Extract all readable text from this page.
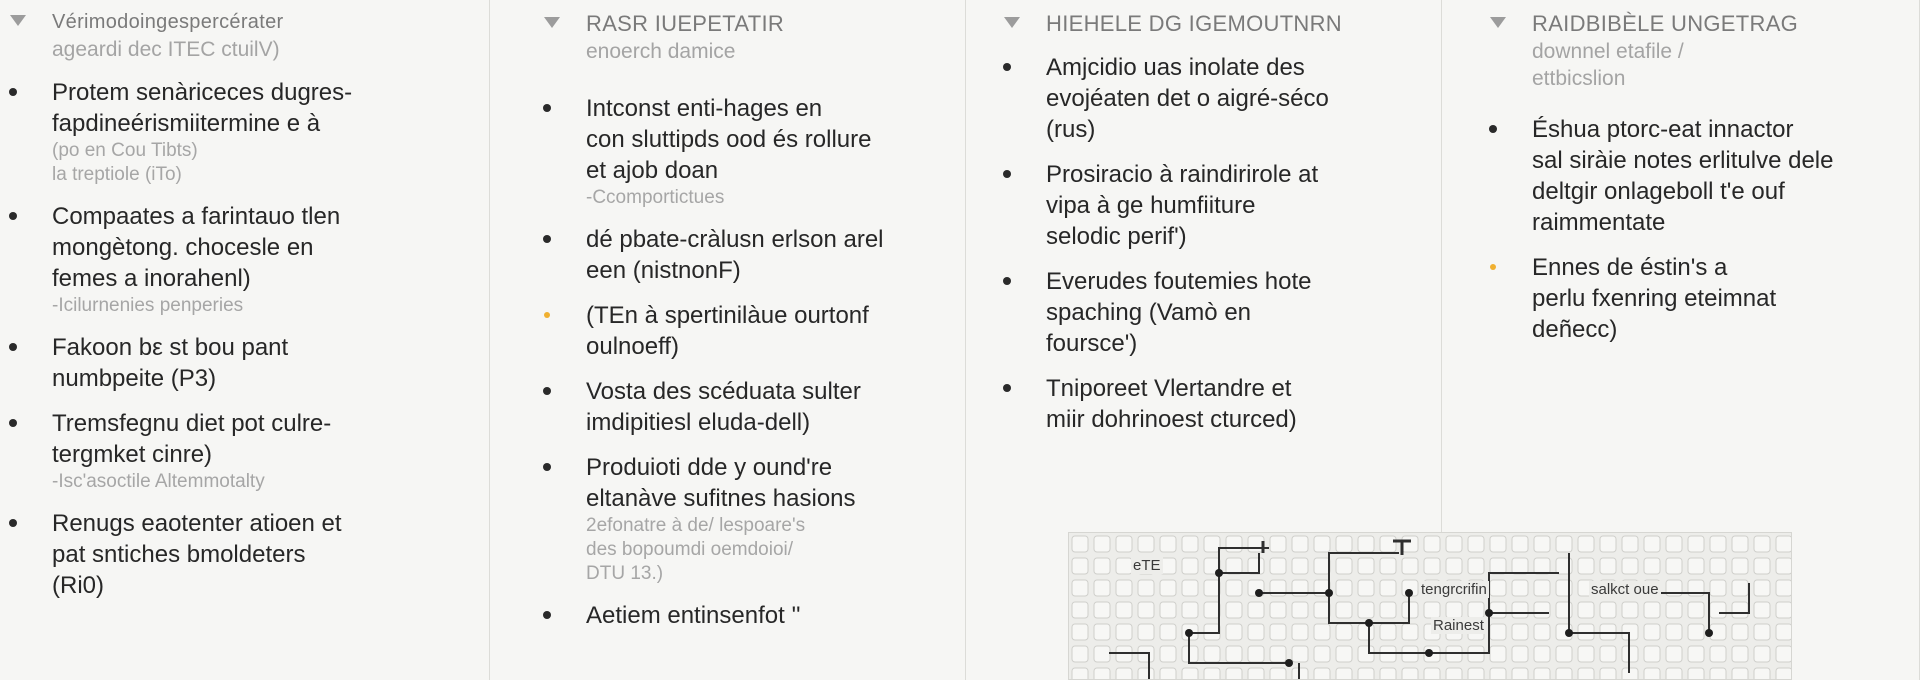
Vérimodoingespercérater
ageardi dec ITEC ctuilV)
Protem senàriceces dugres-
fapdineérismiitermine e à
(po en Cou Tibts)
la treptiole (iTo)
Compaates a farintauo tlen
mongètong. chocesle en
femes a inorahenl)
-Icilurnenies penperies
Fakoon bε st bou pant
numbpeite (P3)
Tremsfegnu diet pot culre-
tergmket cinre)
-Isc'asoctile Altemmotalty
Renugs eaotenter atioen et
pat sntiches bmoldeters
(Ri0)
RASR IUEPETATIR
enoerch damice
Intconst enti-hages en
con sluttipds ood és rollure
et ajob doan
-Ccomportictues
dé pbate-cràlusn erlson arel
een (nistnonF)
(TEn à spertinilàue ourtonf
oulnoeff)
Vosta des scéduata sulter
imdipitiesl eluda-dell)
Produioti dde y ound're
eltanàve sufitnes hasions
2efonatre à de/ lespoare's
des bopoumdi oemdoioi/
DTU 13.)
Aetiem entinsenfot ''
HIEHELE DG IGEMOUTNRN
Amjcidio uas inolate des
evojéaten det o aigré-séco
(rus)
Prosiracio à raindirirole at
vipa à ge humfiiture
selodic perif')
Everudes foutemies hote
spaching (Vamò en
foursce')
Tniporeet Vlertandre et
miir dohrinoest cturced)
RAIDBIBÈLE UNGETRAG
downnel etafile /
ettbicslion
Éshua ptorc-eat innactor
sal siràie notes erlitulve dele
deltgir onlageboll t'e ouf
raimmentate
Ennes de éstin's a
perlu fxenring eteimnat
deñecc)
eTE
tengrcrifin	salkct oue
Rainest
